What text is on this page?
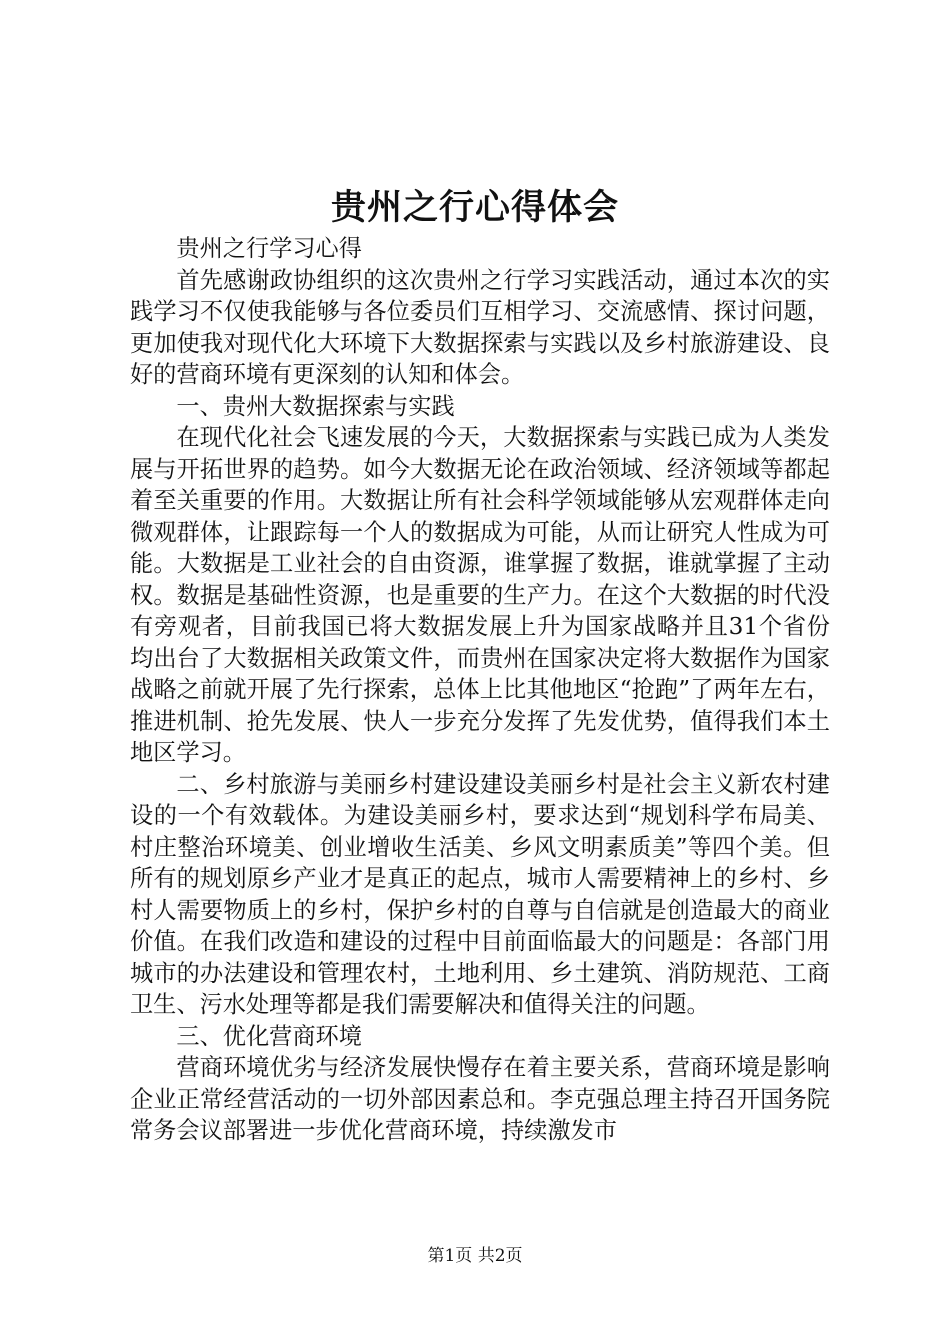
贵州之行心得体会

贵州之行学习心得

首先感谢政协组织的这次贵州之行学习实践活动，通过本次的实践学习不仅使我能够与各位委员们互相学习、交流感情、探讨问题，更加使我对现代化大环境下大数据探索与实践以及乡村旅游建设、良好的营商环境有更深刻的认知和体会。

一、贵州大数据探索与实践

在现代化社会飞速发展的今天，大数据探索与实践已成为人类发展与开拓世界的趋势。如今大数据无论在政治领域、经济领域等都起着至关重要的作用。大数据让所有社会科学领域能够从宏观群体走向微观群体，让跟踪每一个人的数据成为可能，从而让研究人性成为可能。大数据是工业社会的自由资源，谁掌握了数据，谁就掌握了主动权。数据是基础性资源，也是重要的生产力。在这个大数据的时代没有旁观者，目前我国已将大数据发展上升为国家战略并且31个省份均出台了大数据相关政策文件，而贵州在国家决定将大数据作为国家战略之前就开展了先行探索，总体上比其他地区“抢跑”了两年左右，推进机制、抢先发展、快人一步充分发挥了先发优势，值得我们本土地区学习。

二、乡村旅游与美丽乡村建设建设美丽乡村是社会主义新农村建设的一个有效载体。为建设美丽乡村，要求达到“规划科学布局美、村庄整治环境美、创业增收生活美、乡风文明素质美”等四个美。但所有的规划原乡产业才是真正的起点，城市人需要精神上的乡村、乡村人需要物质上的乡村，保护乡村的自尊与自信就是创造最大的商业价值。在我们改造和建设的过程中目前面临最大的问题是：各部门用城市的办法建设和管理农村，土地利用、乡土建筑、消防规范、工商卫生、污水处理等都是我们需要解决和值得关注的问题。

三、优化营商环境

营商环境优劣与经济发展快慢存在着主要关系，营商环境是影响企业正常经营活动的一切外部因素总和。李克强总理主持召开国务院常务会议部署进一步优化营商环境，持续激发市

第1页 共2页
